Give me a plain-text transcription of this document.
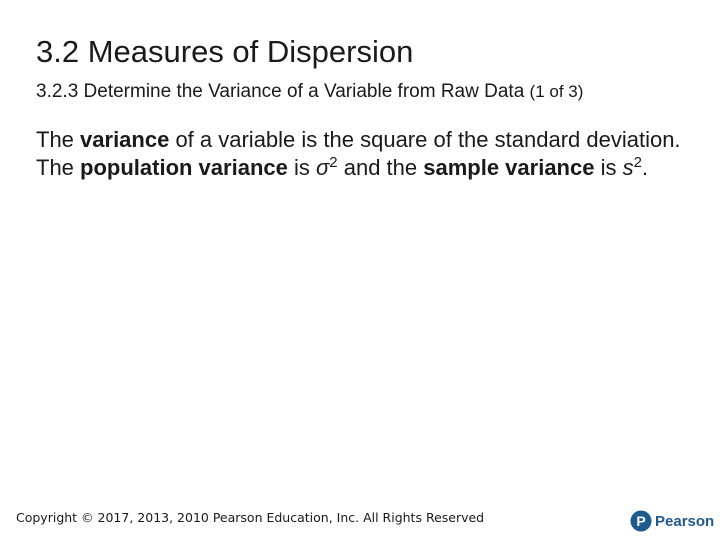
3.2 Measures of Dispersion

3.2.3 Determine the Variance of a Variable from Raw Data (1 of 3)

The variance of a variable is the square of the standard deviation. The population variance is $\sigma^2$ and the sample variance is $s^2$.

Copyright © 2017, 2013, 2010 Pearson Education, Inc. All Rights Reserved	P Pearson
